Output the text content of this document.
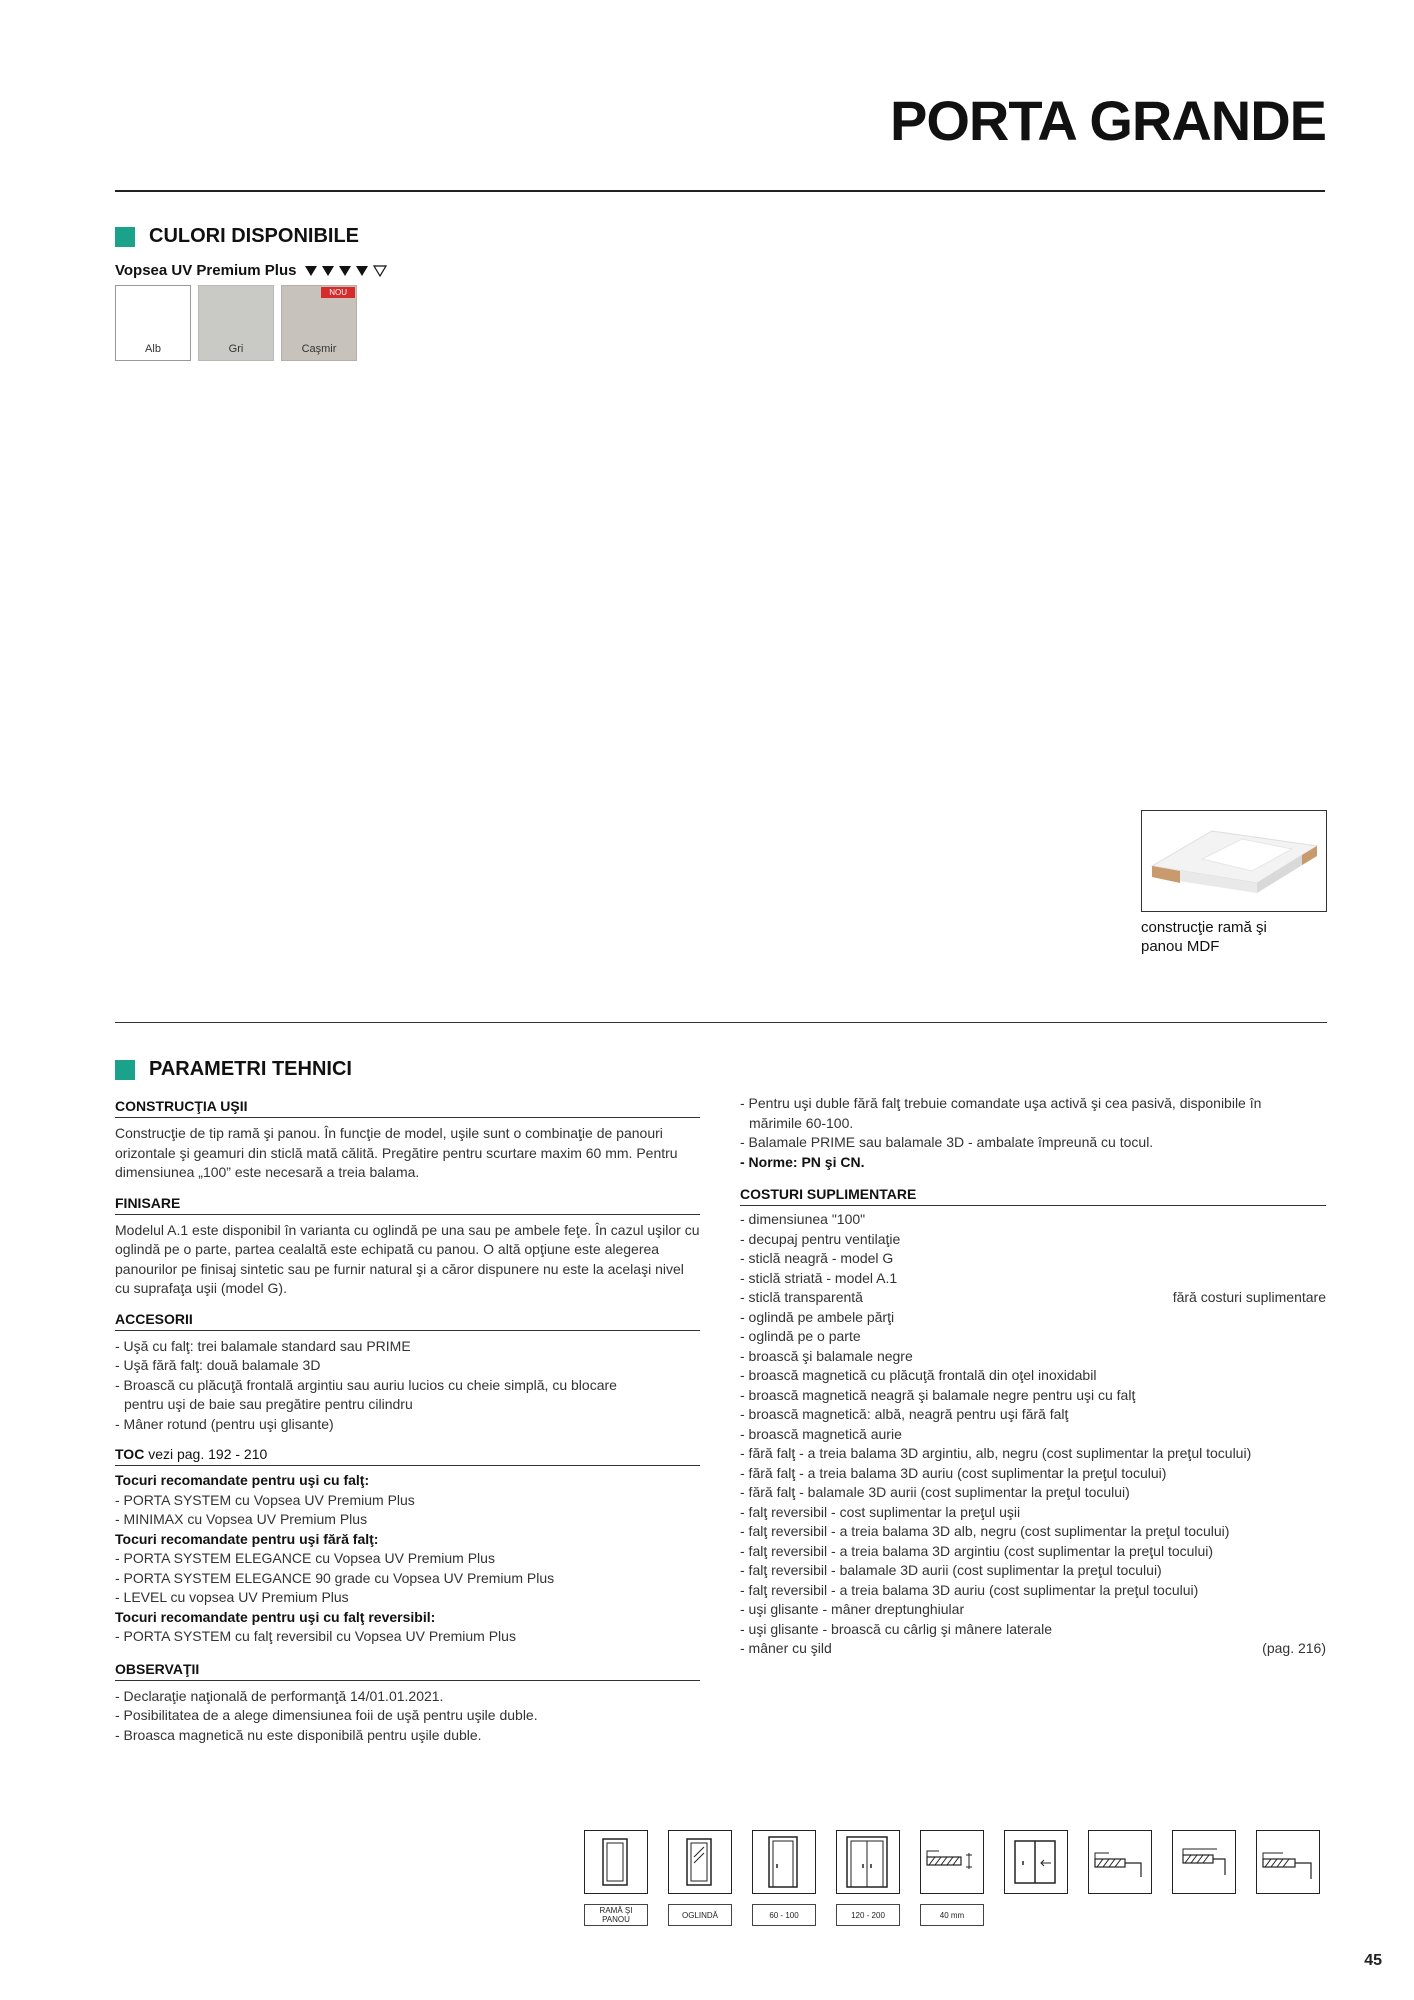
PORTA GRANDE
CULORI DISPONIBILE
Vopsea UV Premium Plus
Alb	Gri
NOU
Caşmir
construcţie ramă şi
panou MDF
PARAMETRI TEHNICI
CONSTRUCŢIA UŞII

Construcţie de tip ramă şi panou. În funcţie de model, uşile sunt o combinaţie de panouri orizontale şi geamuri din sticlă mată călită. Pregătire pentru scurtare maxim 60 mm. Pentru dimensiunea „100” este necesară a treia balama.

FINISARE

Modelul A.1 este disponibil în varianta cu oglindă pe una sau pe ambele feţe. În cazul uşilor cu oglindă pe o parte, partea cealaltă este echipată cu panou. O altă opţiune este alegerea panourilor pe finisaj sintetic sau pe furnir natural şi a căror dispunere nu este la acelaşi nivel cu suprafaţa uşii (model G).

ACCESORII
- Uşă cu falţ: trei balamale standard sau PRIME
- Uşă fără falţ: două balamale 3D
- Broască cu plăcuţă frontală argintiu sau auriu lucios cu cheie simplă, cu blocare
pentru uşi de baie sau pregătire pentru cilindru
- Mâner rotund (pentru uşi glisante)
TOC vezi pag. 192 - 210
Tocuri recomandate pentru uşi cu falţ:
- PORTA SYSTEM cu Vopsea UV Premium Plus
- MINIMAX cu Vopsea UV Premium Plus
Tocuri recomandate pentru uşi fără falţ:
- PORTA SYSTEM ELEGANCE cu Vopsea UV Premium Plus
- PORTA SYSTEM ELEGANCE 90 grade cu Vopsea UV Premium Plus
- LEVEL cu vopsea UV Premium Plus
Tocuri recomandate pentru uşi cu falţ reversibil:
- PORTA SYSTEM cu falţ reversibil cu Vopsea UV Premium Plus
OBSERVAŢII
- Declaraţie naţională de performanţă 14/01.01.2021.
- Posibilitatea de a alege dimensiunea foii de uşă pentru uşile duble.
- Broasca magnetică nu este disponibilă pentru uşile duble.
- Pentru uşi duble fără falţ trebuie comandate uşa activă şi cea pasivă, disponibile în
mărimile 60-100.
- Balamale PRIME sau balamale 3D - ambalate împreună cu tocul.
- Norme: PN şi CN.
COSTURI SUPLIMENTARE
- dimensiunea "100"
- decupaj pentru ventilaţie
- sticlă neagră - model G
- sticlă striată - model A.1
- sticlă transparentă	fără costuri suplimentare
- oglindă pe ambele părţi
- oglindă pe o parte
- broască şi balamale negre
- broască magnetică cu plăcuţă frontală din oţel inoxidabil
- broască magnetică neagră şi balamale negre pentru uşi cu falţ
- broască magnetică: albă, neagră pentru uşi fără falţ
- broască magnetică aurie
- fără falţ - a treia balama 3D argintiu, alb, negru (cost suplimentar la preţul tocului)
- fără falţ - a treia balama 3D auriu (cost suplimentar la preţul tocului)
- fără falţ - balamale 3D aurii (cost suplimentar la preţul tocului)
- falţ reversibil - cost suplimentar la preţul uşii
- falţ reversibil - a treia balama 3D alb, negru (cost suplimentar la preţul tocului)
- falţ reversibil - a treia balama 3D argintiu (cost suplimentar la preţul tocului)
- falţ reversibil - balamale 3D aurii (cost suplimentar la preţul tocului)
- falţ reversibil - a treia balama 3D auriu (cost suplimentar la preţul tocului)
- uşi glisante - mâner dreptunghiular
- uşi glisante - broască cu cârlig şi mânere laterale
- mâner cu şild	(pag. 216)
RAMĂ ŞI
PANOU	OGLINDĂ	60 - 100	120 - 200	40 mm
45
